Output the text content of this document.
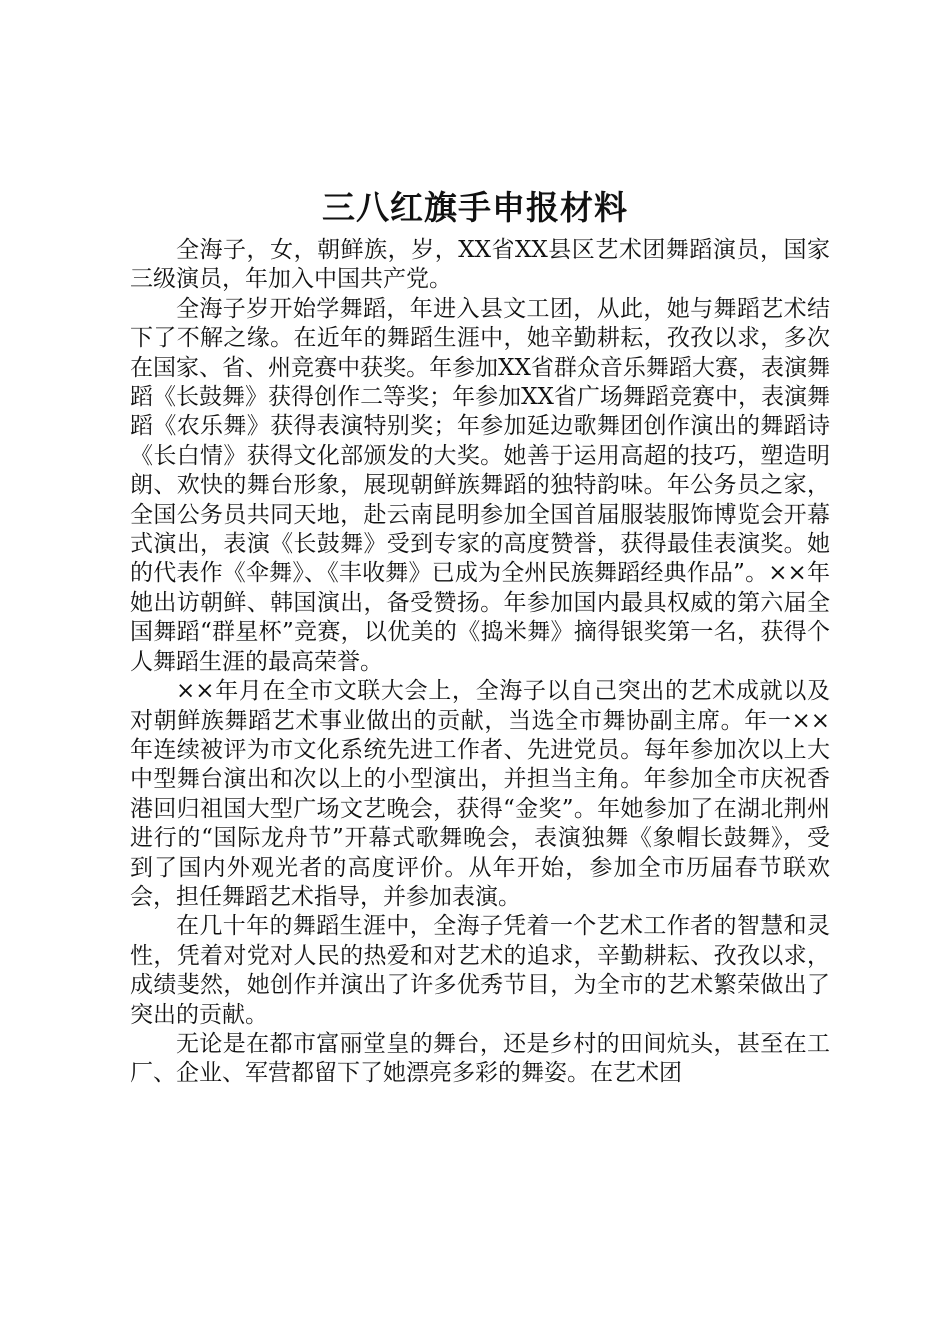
三八红旗手申报材料

全海子，女，朝鲜族，岁，XX省XX县区艺术团舞蹈演员，国家三级演员，年加入中国共产党。

全海子岁开始学舞蹈，年进入县文工团，从此，她与舞蹈艺术结下了不解之缘。在近年的舞蹈生涯中，她辛勤耕耘，孜孜以求，多次在国家、省、州竞赛中获奖。年参加XX省群众音乐舞蹈大赛，表演舞蹈《长鼓舞》获得创作二等奖；年参加XX省广场舞蹈竞赛中，表演舞蹈《农乐舞》获得表演特别奖；年参加延边歌舞团创作演出的舞蹈诗《长白情》获得文化部颁发的大奖。她善于运用高超的技巧，塑造明朗、欢快的舞台形象，展现朝鲜族舞蹈的独特韵味。年公务员之家，全国公务员共同天地，赴云南昆明参加全国首届服装服饰博览会开幕式演出，表演《长鼓舞》受到专家的高度赞誉，获得最佳表演奖。她的代表作《伞舞》、《丰收舞》已成为全州民族舞蹈经典作品”。××年她出访朝鲜、韩国演出，备受赞扬。年参加国内最具权威的第六届全国舞蹈“群星杯”竞赛，以优美的《捣米舞》摘得银奖第一名，获得个人舞蹈生涯的最高荣誉。

××年月在全市文联大会上，全海子以自己突出的艺术成就以及对朝鲜族舞蹈艺术事业做出的贡献，当选全市舞协副主席。年一××年连续被评为市文化系统先进工作者、先进党员。每年参加次以上大中型舞台演出和次以上的小型演出，并担当主角。年参加全市庆祝香港回归祖国大型广场文艺晚会，获得“金奖”。年她参加了在湖北荆州进行的“国际龙舟节”开幕式歌舞晚会，表演独舞《象帽长鼓舞》，受到了国内外观光者的高度评价。从年开始，参加全市历届春节联欢会，担任舞蹈艺术指导，并参加表演。

在几十年的舞蹈生涯中，全海子凭着一个艺术工作者的智慧和灵性，凭着对党对人民的热爱和对艺术的追求，辛勤耕耘、孜孜以求，成绩斐然，她创作并演出了许多优秀节目，为全市的艺术繁荣做出了突出的贡献。

无论是在都市富丽堂皇的舞台，还是乡村的田间炕头，甚至在工厂、企业、军营都留下了她漂亮多彩的舞姿。在艺术团
